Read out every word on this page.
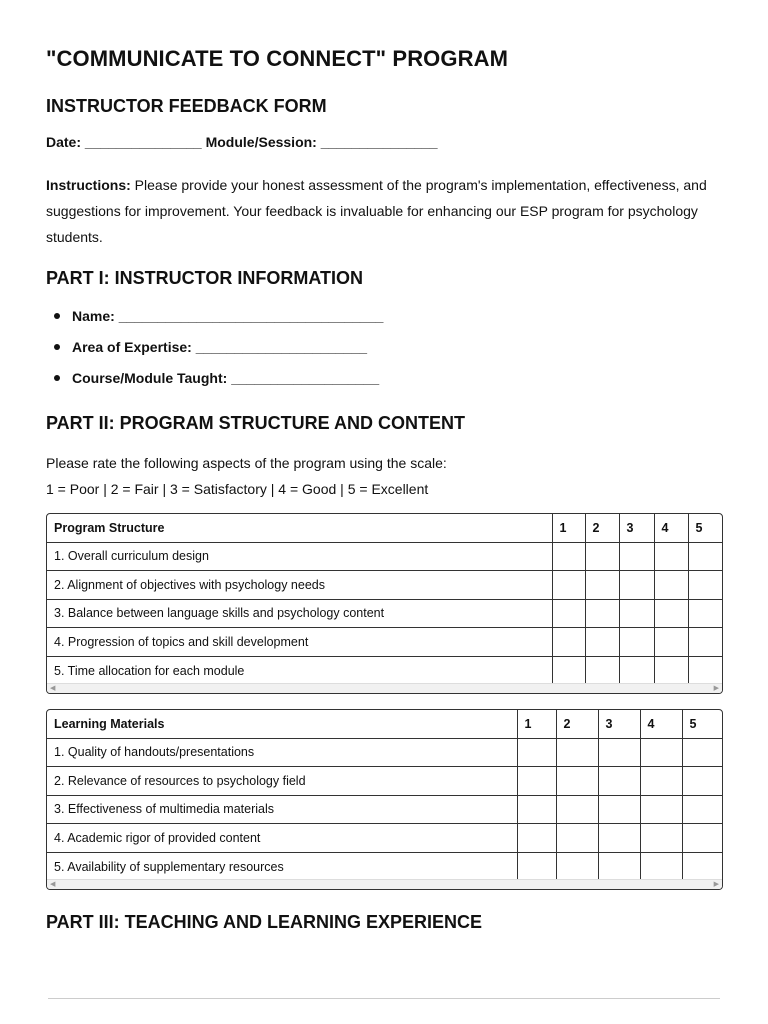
"COMMUNICATE TO CONNECT" PROGRAM
INSTRUCTOR FEEDBACK FORM
Date: _______________ Module/Session: _______________

Instructions: Please provide your honest assessment of the program's implementation, effectiveness, and suggestions for improvement. Your feedback is invaluable for enhancing our ESP program for psychology students.

PART I: INSTRUCTOR INFORMATION
Name: __________________________________
Area of Expertise: ______________________
Course/Module Taught: ___________________
PART II: PROGRAM STRUCTURE AND CONTENT
Please rate the following aspects of the program using the scale:
1 = Poor | 2 = Fair | 3 = Satisfactory | 4 = Good | 5 = Excellent
Program Structure	1	2	3	4	5
1. Overall curriculum design					
2. Alignment of objectives with psychology needs					
3. Balance between language skills and psychology content					
4. Progression of topics and skill development					
5. Time allocation for each module					
◀	▶
Learning Materials	1	2	3	4	5
1. Quality of handouts/presentations					
2. Relevance of resources to psychology field					
3. Effectiveness of multimedia materials					
4. Academic rigor of provided content					
5. Availability of supplementary resources					
◀	▶
PART III: TEACHING AND LEARNING EXPERIENCE
